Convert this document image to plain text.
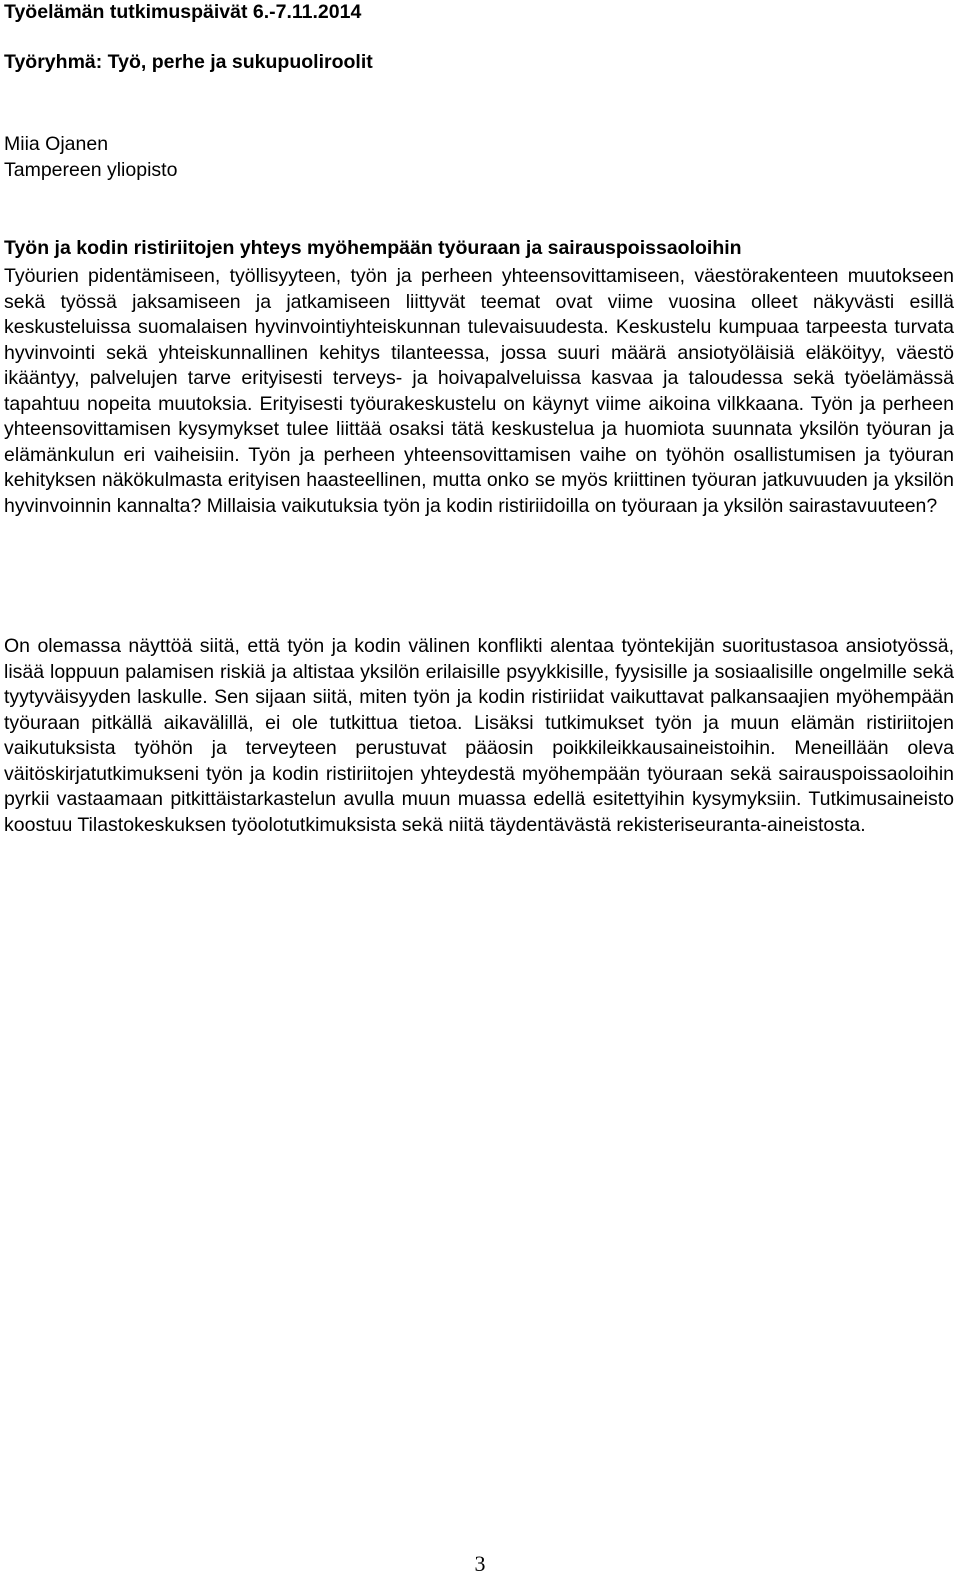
Työelämän tutkimuspäivät 6.-7.11.2014

Työryhmä: Työ, perhe ja sukupuoliroolit

Miia Ojanen

Tampereen yliopisto

Työn ja kodin ristiriitojen yhteys myöhempään työuraan ja sairauspoissaoloihin

Työurien pidentämiseen, työllisyyteen, työn ja perheen yhteensovittamiseen, väestörakenteen muutokseen sekä työssä jaksamiseen ja jatkamiseen liittyvät teemat ovat viime vuosina olleet näkyvästi esillä keskusteluissa suomalaisen hyvinvointiyhteiskunnan tulevaisuudesta. Keskustelu kumpuaa tarpeesta turvata hyvinvointi sekä yhteiskunnallinen kehitys tilanteessa, jossa suuri määrä ansiotyöläisiä eläköityy, väestö ikääntyy, palvelujen tarve erityisesti terveys- ja hoivapalveluissa kasvaa ja taloudessa sekä työelämässä tapahtuu nopeita muutoksia. Erityisesti työurakeskustelu on käynyt viime aikoina vilkkaana. Työn ja perheen yhteensovittamisen kysymykset tulee liittää osaksi tätä keskustelua ja huomiota suunnata yksilön työuran ja elämänkulun eri vaiheisiin. Työn ja perheen yhteensovittamisen vaihe on työhön osallistumisen ja työuran kehityksen näkökulmasta erityisen haasteellinen, mutta onko se myös kriittinen työuran jatkuvuuden ja yksilön hyvinvoinnin kannalta? Millaisia vaikutuksia työn ja kodin ristiriidoilla on työuraan ja yksilön sairastavuuteen?

On olemassa näyttöä siitä, että työn ja kodin välinen konflikti alentaa työntekijän suoritustasoa ansiotyössä, lisää loppuun palamisen riskiä ja altistaa yksilön erilaisille psyykkisille, fyysisille ja sosiaalisille ongelmille sekä tyytyväisyyden laskulle. Sen sijaan siitä, miten työn ja kodin ristiriidat vaikuttavat palkansaajien myöhempään työuraan pitkällä aikavälillä, ei ole tutkittua tietoa. Lisäksi tutkimukset työn ja muun elämän ristiriitojen vaikutuksista työhön ja terveyteen perustuvat pääosin poikkileikkausaineistoihin. Meneillään oleva väitöskirjatutkimukseni työn ja kodin ristiriitojen yhteydestä myöhempään työuraan sekä sairauspoissaoloihin pyrkii vastaamaan pitkittäistarkastelun avulla muun muassa edellä esitettyihin kysymyksiin. Tutkimusaineisto koostuu Tilastokeskuksen työolotutkimuksista sekä niitä täydentävästä rekisteriseuranta-aineistosta.

3
